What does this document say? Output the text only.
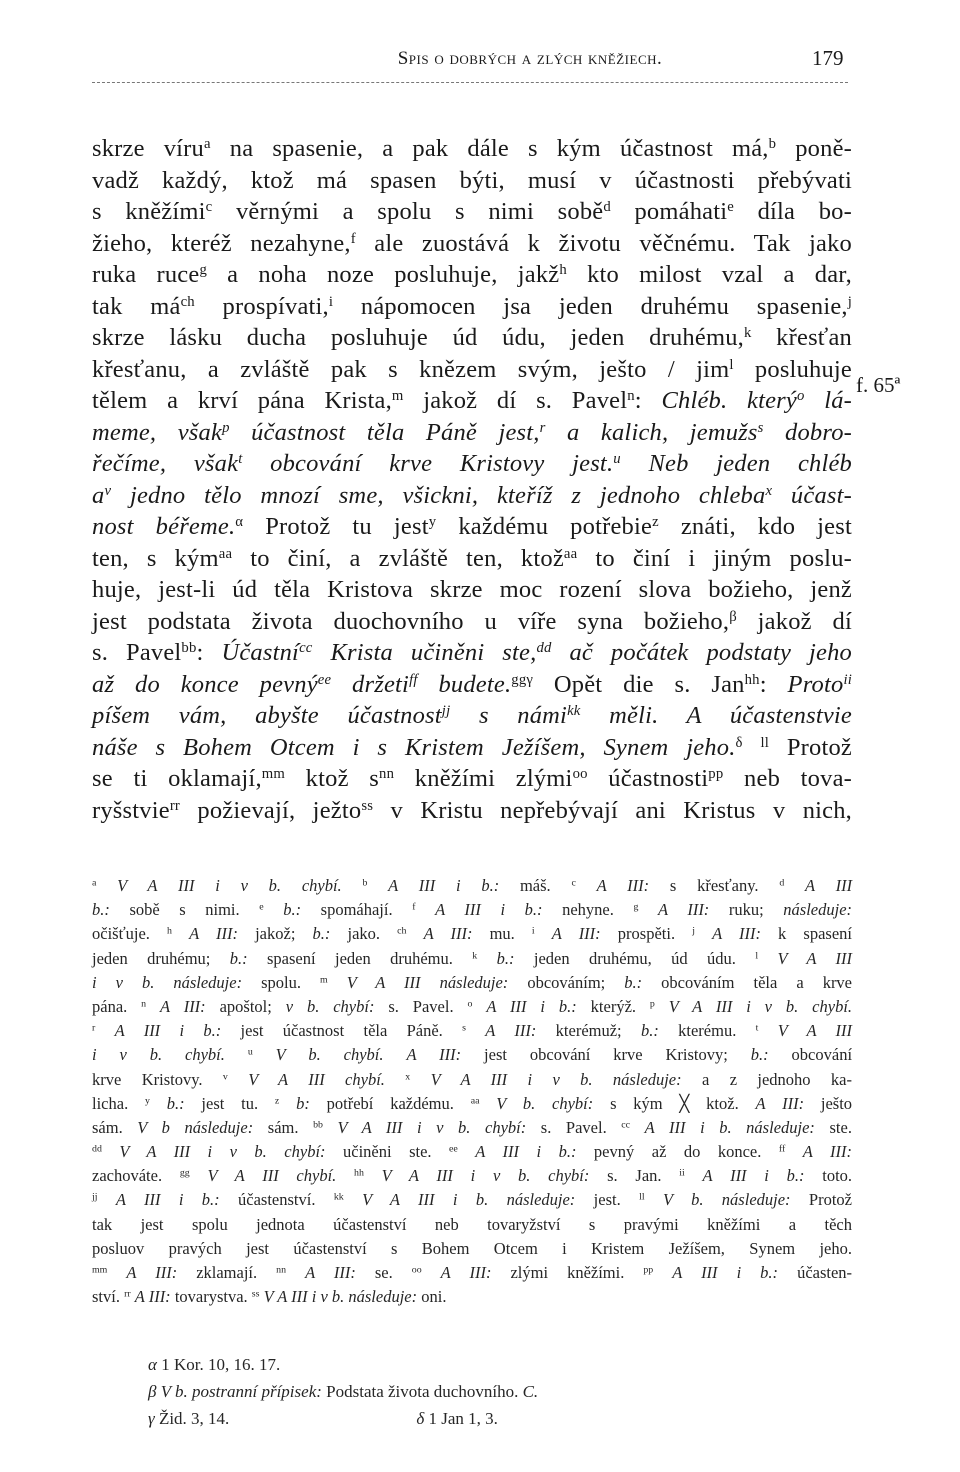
Spis o dobrých a zlých kněžiech.	179
f. 65ª
skrze víru$^a$ na spasenie, a pak dále s kým účastnost má,$^b$ poně-
vadž každý, ktož má spasen býti, musí v účastnosti přebývati
s kněžími$^c$ věrnými a spolu s nimi sobě$^d$ pomáhati$^e$ díla bo-
žieho, kteréž nezahyne,$^f$ ale zuostává k životu věčnému. Tak jako
ruka ruce$^g$ a noha noze posluhuje, jakž$^h$ kto milost vzal a dar,
tak $má^{ch}$ prospívati,$^i$ nápomocen jsa jeden druhému spasenie,$^j$
skrze lásku ducha posluhuje úd údu, jeden druhému,$^k$ křesťan
křesťanu, a zvláště pak s knězem svým, ješto / jim$^l$ posluhuje
tělem a krví pána Krista,$^m$ jakož dí s. Pavel$^n$: Chléb. který$^o$ lá-
meme, však$^p$ účastnost těla Páně jest,$^r$ a kalich, jemužs$^s$ dobro-
řečíme, však$^t$ obcování krve Kristovy jest.$^u$ Neb jeden chléb
$a^v$ jedno tělo mnozí sme, všickni, kteříž z jednoho chleba$^x$ účast-
nost béřeme.$^\alpha$ Protož tu jest$^y$ každému potřebie$^z$ znáti, kdo jest
ten, s kým$^{aa}$ to činí, a zvláště ten, ktož$^{aa}$ to činí i jiným poslu-
huje, jest-li úd těla Kristova skrze moc rození slova božieho, jenž
jest podstata života duochovního u víře syna božieho,$^\beta$ jakož dí
s. Pavel$^{bb}$: Účastní$^{cc}$ Krista učiněni ste,$^{dd}$ ač počátek podstaty jeho
až do konce pevný$^{ee}$ držeti$^{ff}$ budete.$^{gg\gamma}$ Opět die s. Jan$^{hh}$: Proto$^{ii}$
píšem vám, abyšte účastnost$^{jj}$ s námi$^{kk}$ měli. A účastenstvie
náše s Bohem Otcem i s Kristem Ježíšem, Synem jeho.$^\delta$ $^{ll}$ Protož
se ti oklamají,$^{mm}$ ktož $s^{nn}$ kněžími zlými$^{oo}$ účastnosti$^{pp}$ neb tova-
ryšstvie$^{rr}$ požievají, ježto$^{ss}$ v Kristu nepřebývají ani Kristus v nich,
$^a$ V A III i v b. chybí. $^b$ A III i b.: máš. $^c$ A III: s křesťany. $^d$ A III
b.: sobě s nimi. $^e$ b.: spomáhají. $^f$ A III i b.: nehyne. $^g$ A III: ruku; následuje:
očišťuje. $^h$ A III: jakož; b.: jako. $^{ch}$ A III: mu. $^i$ A III: prospěti. $^j$ A III: k spasení
jeden druhému; b.: spasení jeden druhému. $^k$ b.: jeden druhému, úd údu. $^l$ V A III
i v b. následuje: spolu. $^m$ V A III následuje: obcováním; b.: obcováním těla a krve
pána. $^n$ A III: apoštol; v b. chybí: s. Pavel. $^o$ A III i b.: kterýž. $^p$ V A III i v b. chybí.
$^r$ A III i b.: jest účastnost těla Páně. $^s$ A III: kterémuž; b.: kterému. $^t$ V A III
i v b. chybí. $^u$ V b. chybí. A III: jest obcování krve Kristovy; b.: obcování
krve Kristovy. $^v$ V A III chybí. $^x$ V A III i v b. následuje: a z jednoho ka-
licha. $^y$ b.: jest tu. $^z$ b: potřebí každému. $^{aa}$ V b. chybí: s kým ╳ ktož. A III: ješto
sám. V b následuje: sám. $^{bb}$ V A III i v b. chybí: s. Pavel. $^{cc}$ A III i b. následuje: ste.
$^{dd}$ V A III i v b. chybí: učiněni ste. $^{ee}$ A III i b.: pevný až do konce. $^{ff}$ A III:
zachováte. $^{gg}$ V A III chybí. $^{hh}$ V A III i v b. chybí: s. Jan. $^{ii}$ A III i b.: toto.
$^{jj}$ A III i b.: účastenství. $^{kk}$ V A III i b. následuje: jest. $^{ll}$ V b. následuje: Protož
tak jest spolu jednota účastenství neb tovaryžství s pravými kněžími a těch
posluov pravých jest účastenství s Bohem Otcem i Kristem Ježíšem, Synem jeho.
$^{mm}$ A III: zklamají. $^{nn}$ A III: se. $^{oo}$ A III: zlými kněžími. $^{pp}$ A III i b.: účasten-
ství. $^{rr}$ A III: tovarystva. $^{ss}$ V A III i v b. následuje: oni.
α 1 Kor. 10, 16. 17.
β V b. postranní přípisek: Podstata života duchovního. C.
γ Žid. 3, 14.                                            δ 1 Jan 1, 3.
